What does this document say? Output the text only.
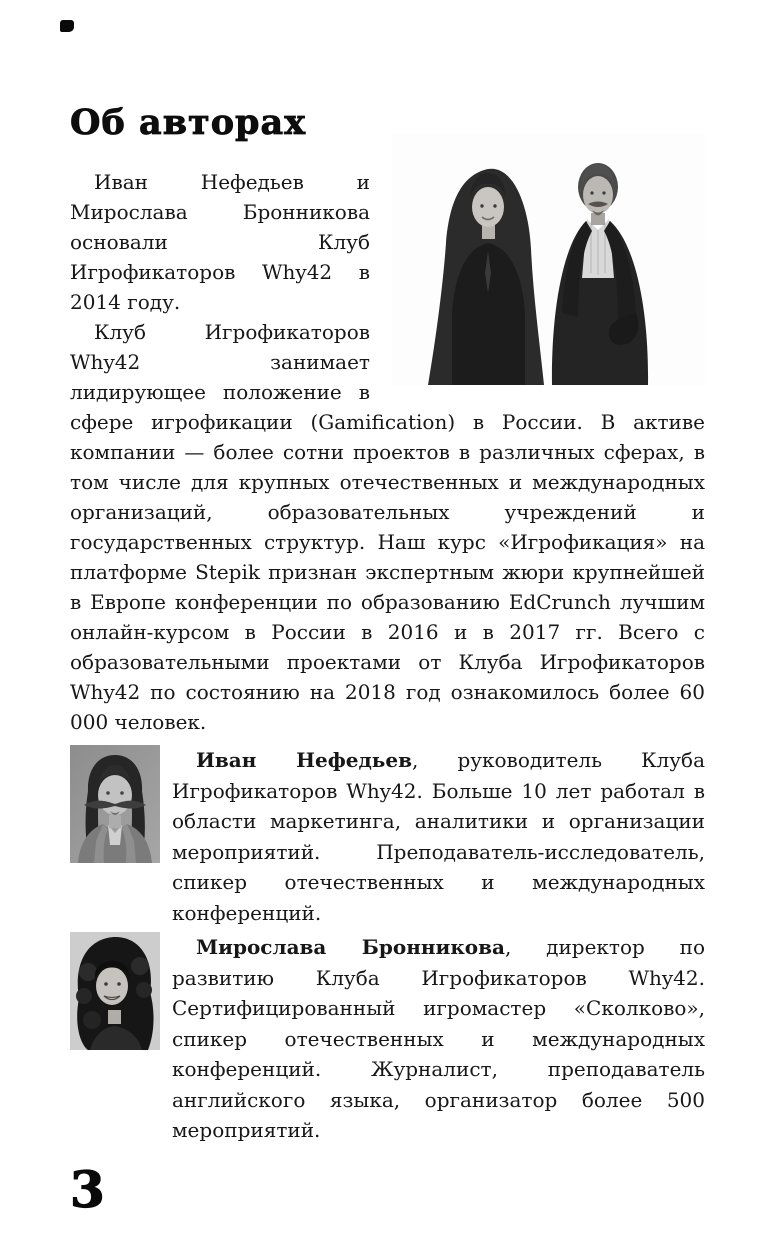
Об авторах

Иван Нефедьев и Мирослава Бронникова основали Клуб Игрофикаторов Why42 в 2014 году.

Клуб Игрофикаторов Why42 занимает лидирующее положение в сфере игрофикации (Gamification) в России. В активе компании — более сотни проектов в различных сферах, в том числе для крупных отечественных и международных организаций, образовательных учреждений и государственных структур. Наш курс «Игрофикация» на платформе Stepik признан экспертным жюри крупнейшей в Европе конференции по образованию EdCrunch лучшим онлайн-курсом в России в 2016 и в 2017 гг. Всего с образовательными проектами от Клуба Игрофикаторов Why42 по состоянию на 2018 год ознакомилось более 60 000 человек.

Иван Нефедьев, руководитель Клуба Игрофикаторов Why42. Больше 10 лет работал в области маркетинга, аналитики и организации мероприятий. Преподаватель-исследователь, спикер отечественных и международных конференций.

Мирослава Бронникова, директор по развитию Клуба Игрофикаторов Why42. Сертифицированный игромастер «Сколково», спикер отечественных и международных конференций. Журналист, преподаватель английского языка, организатор более 500 мероприятий.

3
